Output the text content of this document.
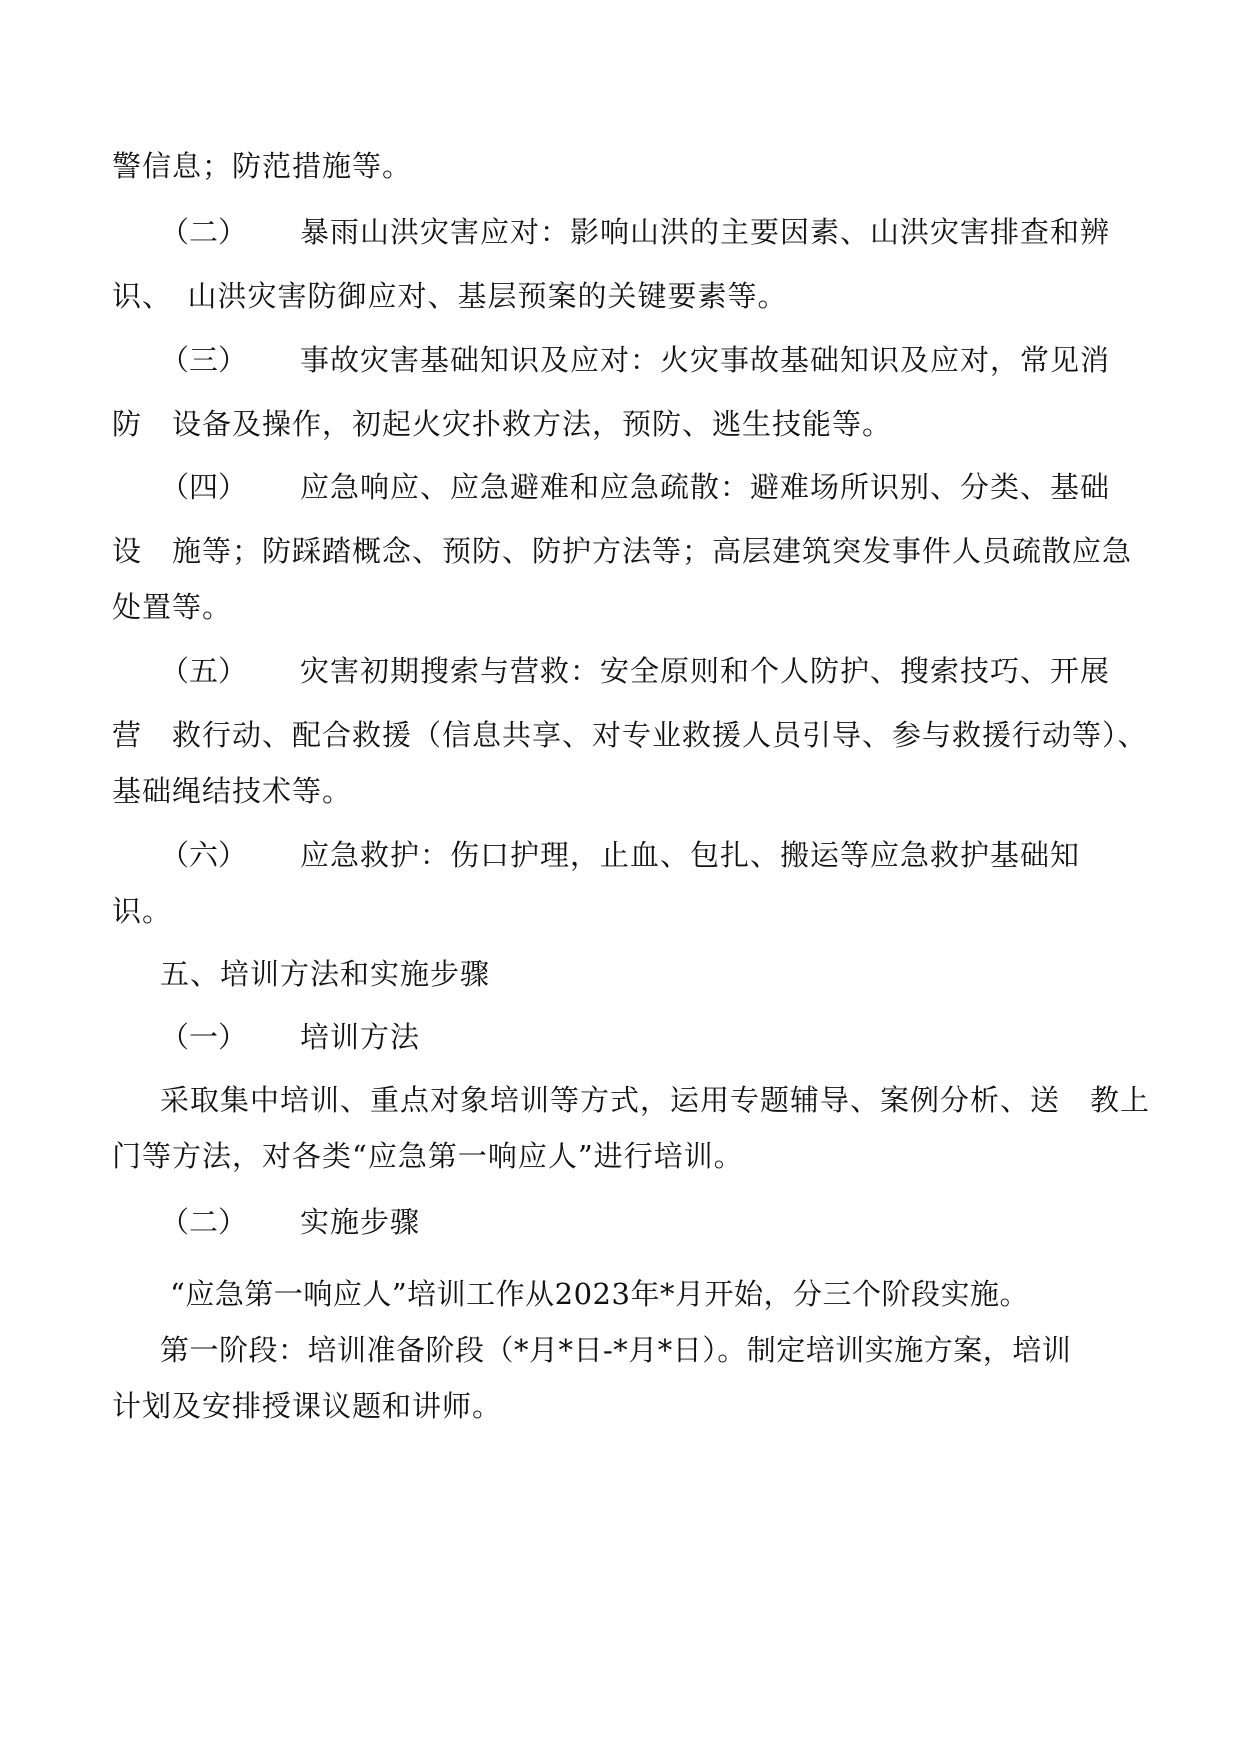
警信息；防范措施等。
（二） 暴雨山洪灾害应对：影响山洪的主要因素、山洪灾害排查和辨
识、　山洪灾害防御应对、基层预案的关键要素等。
（三） 事故灾害基础知识及应对：火灾事故基础知识及应对，常见消
防　设备及操作，初起火灾扑救方法，预防、逃生技能等。
（四） 应急响应、应急避难和应急疏散：避难场所识别、分类、基础
设　施等；防踩踏概念、预防、防护方法等；高层建筑突发事件人员疏散应急
处置等。
（五） 灾害初期搜索与营救：安全原则和个人防护、搜索技巧、开展
营　救行动、配合救援（信息共享、对专业救援人员引导、参与救援行动等）、
基础绳结技术等。
（六） 应急救护：伤口护理，止血、包扎、搬运等应急救护基础知
识。
五、培训方法和实施步骤
（一） 培训方法
采取集中培训、重点对象培训等方式，运用专题辅导、案例分析、送　教上
门等方法，对各类“应急第一响应人”进行培训。
（二） 实施步骤
“应急第一响应人”培训工作从2023年*月开始，分三个阶段实施。
第一阶段：培训准备阶段（*月*日-*月*日）。制定培训实施方案，培训
计划及安排授课议题和讲师。
